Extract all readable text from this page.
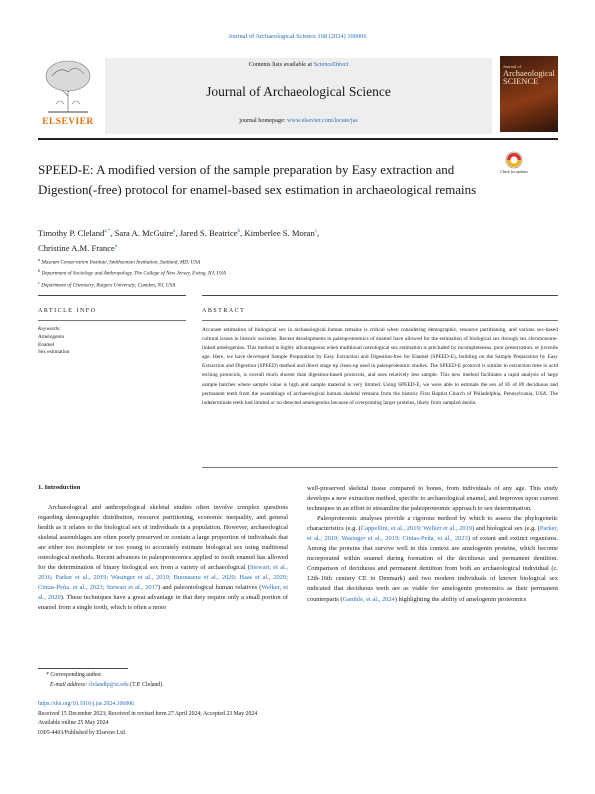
Journal of Archaeological Science 168 (2024) 106006
ELSEVIER
Contents lists available at ScienceDirect
Journal of Archaeological Science
journal homepage: www.elsevier.com/locate/jas
Journal of
Archaeological SCIENCE
Check for updates
SPEED-E: A modified version of the sample preparation by Easy extraction and Digestion(-free) protocol for enamel-based sex estimation in archaeological remains
Timothy P. Cleland$^{a,*}$, Sara A. McGuire$^a$, Jared S. Beatrice$^b$, Kimberlee S. Moran$^c$,
Christine A.M. France$^a$
$^a$ Museum Conservation Institute, Smithsonian Institution, Suitland, MD, USA
$^b$ Department of Sociology and Anthropology, The College of New Jersey, Ewing, NJ, USA
$^c$ Department of Chemistry, Rutgers University, Camden, NJ, USA
ARTICLE INFO	ABSTRACT
Keywords:
Amelogenin
Enamel
Sex estimation
Accurate estimation of biological sex in archaeological human remains is critical when considering demographic, resource partitioning, and various sex-based cultural issues in historic societies. Recent developments in paleoproteomics of enamel have allowed for the estimation of biological sex through sex chromosome-linked amelogenins. This method is highly advantageous when traditional osteological sex estimation is precluded by incompleteness, poor preservation, or juvenile age. Here, we have developed Sample Preparation by Easy Extraction and Digestion-free for Enamel (SPEED-E), building on the Sample Preparation by Easy Extraction and Digestion (SPEED) method and direct stage tip clean-up used in paleoproteomic studies. The SPEED-E protocol is similar in extraction time to acid etching protocols, is overall much shorter than digestion-based protocols, and uses relatively less sample. This new method facilitates a rapid analysis of large sample batches where sample value is high and sample material is very limited. Using SPEED-E, we were able to estimate the sex of 85 of 89 deciduous and permanent teeth from the assemblage of archaeological human skeletal remains from the historic First Baptist Church of Philadelphia, Pennsylvania, USA. The indeterminate teeth had limited or no detected amelogenins because of overprinting larger proteins, likely from sampled dentin.
1. Introduction

Archaeological and anthropological skeletal studies often involve complex questions regarding demographic distribution, resource partitioning, economic inequality, and general health as it relates to the biological sex of individuals in a population. However, archaeological skeletal assemblages are often poorly preserved or contain a large proportion of individuals that are either too incomplete or too young to accurately estimate biological sex using traditional osteological methods. Recent advances in paleoproteomics applied to tooth enamel has allowed for the determination of binary biological sex from a variety of archaeological (Stewart, et al., 2016; Parker et al., 2019; Wasinger et al., 2019; Buonasera et al., 2020; Haas et al., 2020; Cintas-Peña, et al., 2023; Stewart et al., 2017) and paleontological human relatives (Welker, et al., 2020). These techniques have a great advantage in that they require only a small portion of enamel from a single tooth, which is often a more

well-preserved skeletal tissue compared to bones, from individuals of any age. This study develops a new extraction method, specific to archaeological enamel, and improves upon current techniques in an effort to streamline the paleoproteomic approach to sex determination.

Paleoproteomic analyses provide a rigorous method by which to assess the phylogenetic characteristics (e.g. (Cappellini, et al., 2019; Welker et al., 2019) and biological sex (e.g. (Parker, et al., 2019; Wasinger et al., 2019; Cintas-Peña, et al., 2023) of extant and extinct organisms. Among the proteins that survive well in this context are amelogenin proteins, which become incorporated within enamel during formation of the deciduous and permanent dentition. Comparison of deciduous and permanent dentition from both an archaeological individual (c. 12th-16th century CE in Denmark) and two modern individuals of known biological sex indicated that deciduous teeth are as viable for amelogenin proteomics as their permanent counterparts (Gamble, et al., 2024) highlighting the ability of amelogenin proteomics

* Corresponding author.
E-mail address: clelandtp@si.edu (T.P. Cleland).
https://doi.org/10.1016/j.jas.2024.106006
Received 15 December 2023; Received in revised form 27 April 2024; Accepted 23 May 2024
Available online 25 May 2024
0305-4403/Published by Elsevier Ltd.
